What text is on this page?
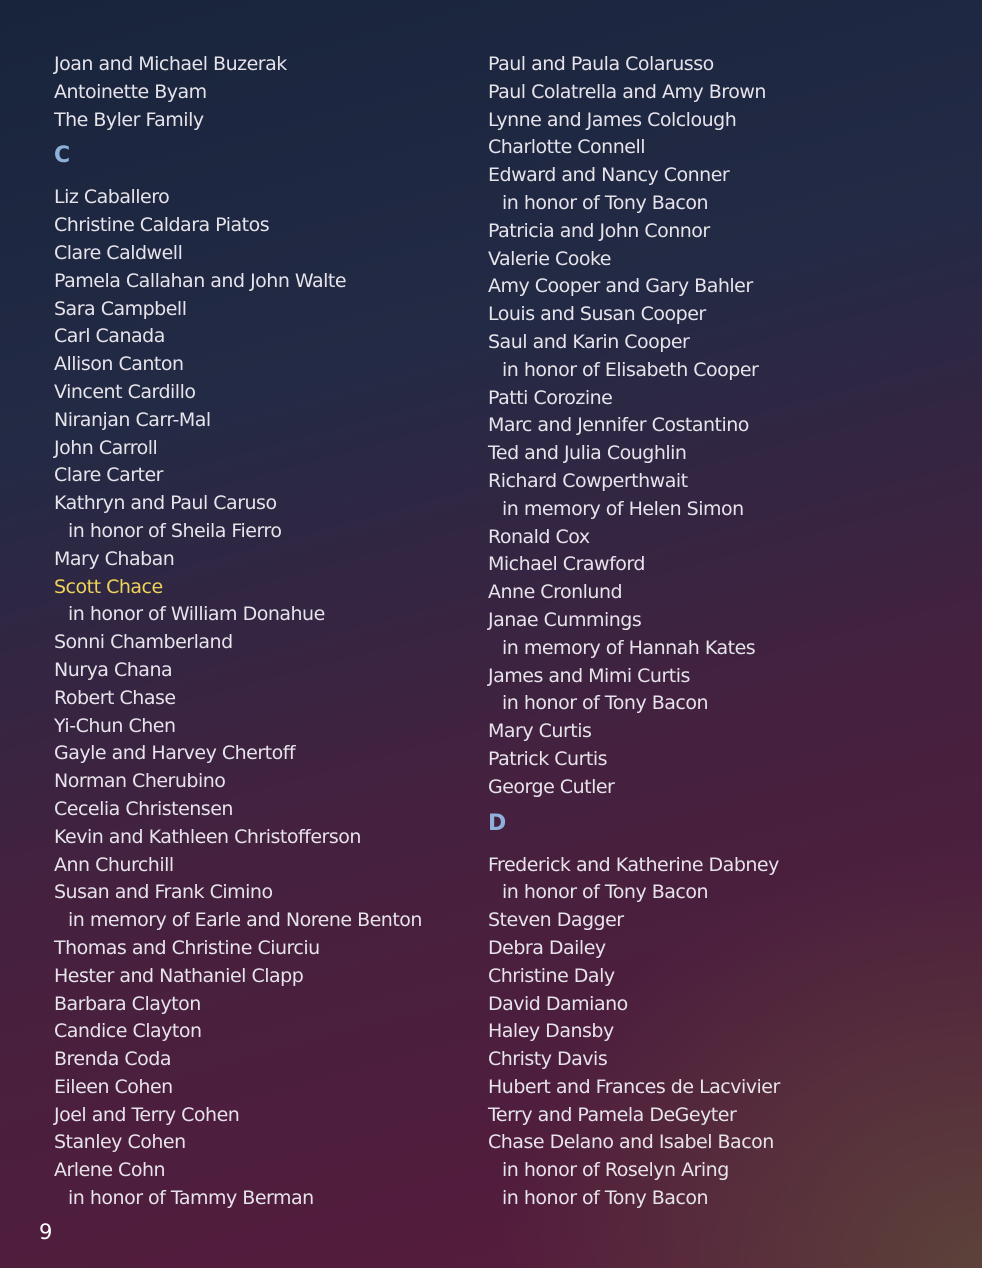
Joan and Michael Buzerak
Antoinette Byam
The Byler Family
C
Liz Caballero
Christine Caldara Piatos
Clare Caldwell
Pamela Callahan and John Walte
Sara Campbell
Carl Canada
Allison Canton
Vincent Cardillo
Niranjan Carr-Mal
John Carroll
Clare Carter
Kathryn and Paul Caruso
in honor of Sheila Fierro
Mary Chaban
Scott Chace
in honor of William Donahue
Sonni Chamberland
Nurya Chana
Robert Chase
Yi-Chun Chen
Gayle and Harvey Chertoff
Norman Cherubino
Cecelia Christensen
Kevin and Kathleen Christofferson
Ann Churchill
Susan and Frank Cimino
in memory of Earle and Norene Benton
Thomas and Christine Ciurciu
Hester and Nathaniel Clapp
Barbara Clayton
Candice Clayton
Brenda Coda
Eileen Cohen
Joel and Terry Cohen
Stanley Cohen
Arlene Cohn
in honor of Tammy Berman
Paul and Paula Colarusso
Paul Colatrella and Amy Brown
Lynne and James Colclough
Charlotte Connell
Edward and Nancy Conner
in honor of Tony Bacon
Patricia and John Connor
Valerie Cooke
Amy Cooper and Gary Bahler
Louis and Susan Cooper
Saul and Karin Cooper
in honor of Elisabeth Cooper
Patti Corozine
Marc and Jennifer Costantino
Ted and Julia Coughlin
Richard Cowperthwait
in memory of Helen Simon
Ronald Cox
Michael Crawford
Anne Cronlund
Janae Cummings
in memory of Hannah Kates
James and Mimi Curtis
in honor of Tony Bacon
Mary Curtis
Patrick Curtis
George Cutler
D
Frederick and Katherine Dabney
in honor of Tony Bacon
Steven Dagger
Debra Dailey
Christine Daly
David Damiano
Haley Dansby
Christy Davis
Hubert and Frances de Lacvivier
Terry and Pamela DeGeyter
Chase Delano and Isabel Bacon
in honor of Roselyn Aring
in honor of Tony Bacon
9
